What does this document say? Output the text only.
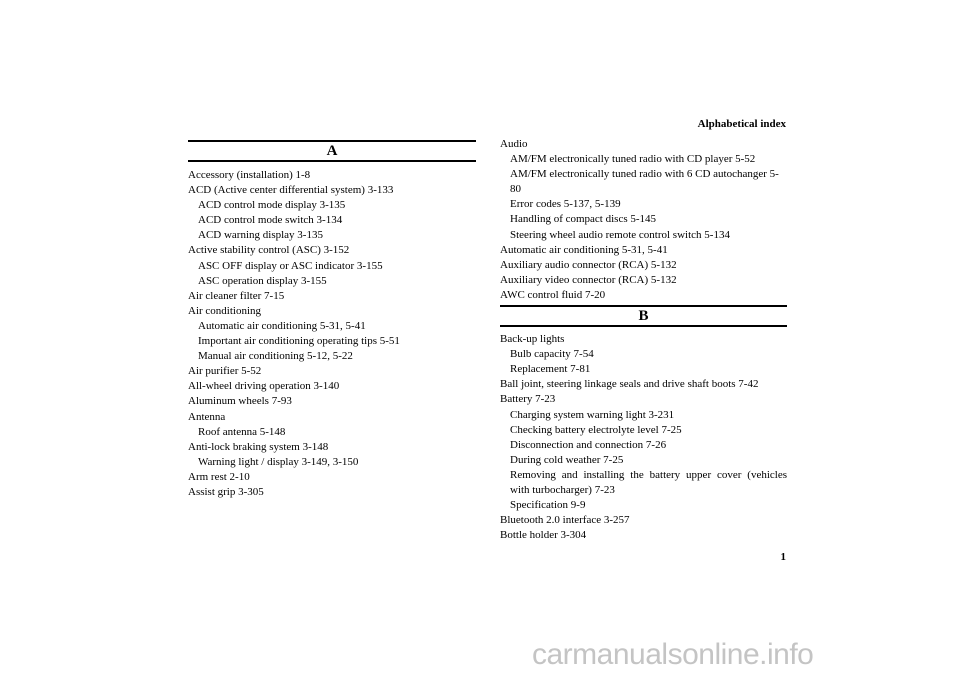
Alphabetical index
A
Accessory (installation) 1-8
ACD (Active center differential system) 3-133
ACD control mode display 3-135
ACD control mode switch 3-134
ACD warning display 3-135
Active stability control (ASC) 3-152
ASC OFF display or ASC indicator 3-155
ASC operation display 3-155
Air cleaner filter 7-15
Air conditioning
Automatic air conditioning 5-31, 5-41
Important air conditioning operating tips 5-51
Manual air conditioning 5-12, 5-22
Air purifier 5-52
All-wheel driving operation 3-140
Aluminum wheels 7-93
Antenna
Roof antenna 5-148
Anti-lock braking system 3-148
Warning light / display 3-149, 3-150
Arm rest 2-10
Assist grip 3-305
Audio
AM/FM electronically tuned radio with CD player 5-52
AM/FM electronically tuned radio with 6 CD autochanger 5-80
Error codes 5-137, 5-139
Handling of compact discs 5-145
Steering wheel audio remote control switch 5-134
Automatic air conditioning 5-31, 5-41
Auxiliary audio connector (RCA) 5-132
Auxiliary video connector (RCA) 5-132
AWC control fluid 7-20
B
Back-up lights
Bulb capacity 7-54
Replacement 7-81
Ball joint, steering linkage seals and drive shaft boots 7-42
Battery 7-23
Charging system warning light 3-231
Checking battery electrolyte level 7-25
Disconnection and connection 7-26
During cold weather 7-25
Removing and installing the battery upper cover (vehicles with turbocharger) 7-23
Specification 9-9
Bluetooth 2.0 interface 3-257
Bottle holder 3-304
1
carmanualsonline.info
